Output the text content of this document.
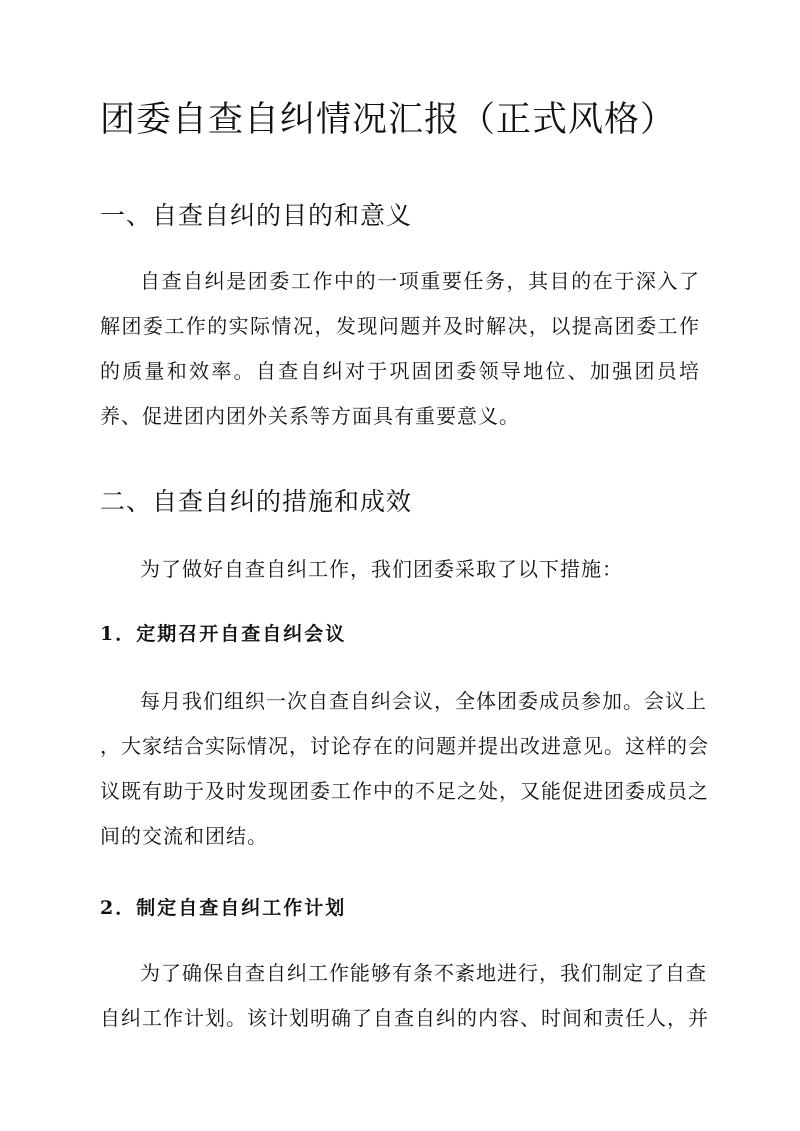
团委自查自纠情况汇报（正式风格）
一、自查自纠的目的和意义

自查自纠是团委工作中的一项重要任务，其目的在于深入了解团委工作的实际情况，发现问题并及时解决，以提高团委工作的质量和效率。自查自纠对于巩固团委领导地位、加强团员培养、促进团内团外关系等方面具有重要意义。

二、自查自纠的措施和成效

为了做好自查自纠工作，我们团委采取了以下措施：

1．定期召开自查自纠会议

每月我们组织一次自查自纠会议，全体团委成员参加。会议上

，大家结合实际情况，讨论存在的问题并提出改进意见。这样的会

议既有助于及时发现团委工作中的不足之处，又能促进团委成员之

间的交流和团结。

2．制定自查自纠工作计划

为了确保自查自纠工作能够有条不紊地进行，我们制定了自查

自纠工作计划。该计划明确了自查自纠的内容、时间和责任人，并
